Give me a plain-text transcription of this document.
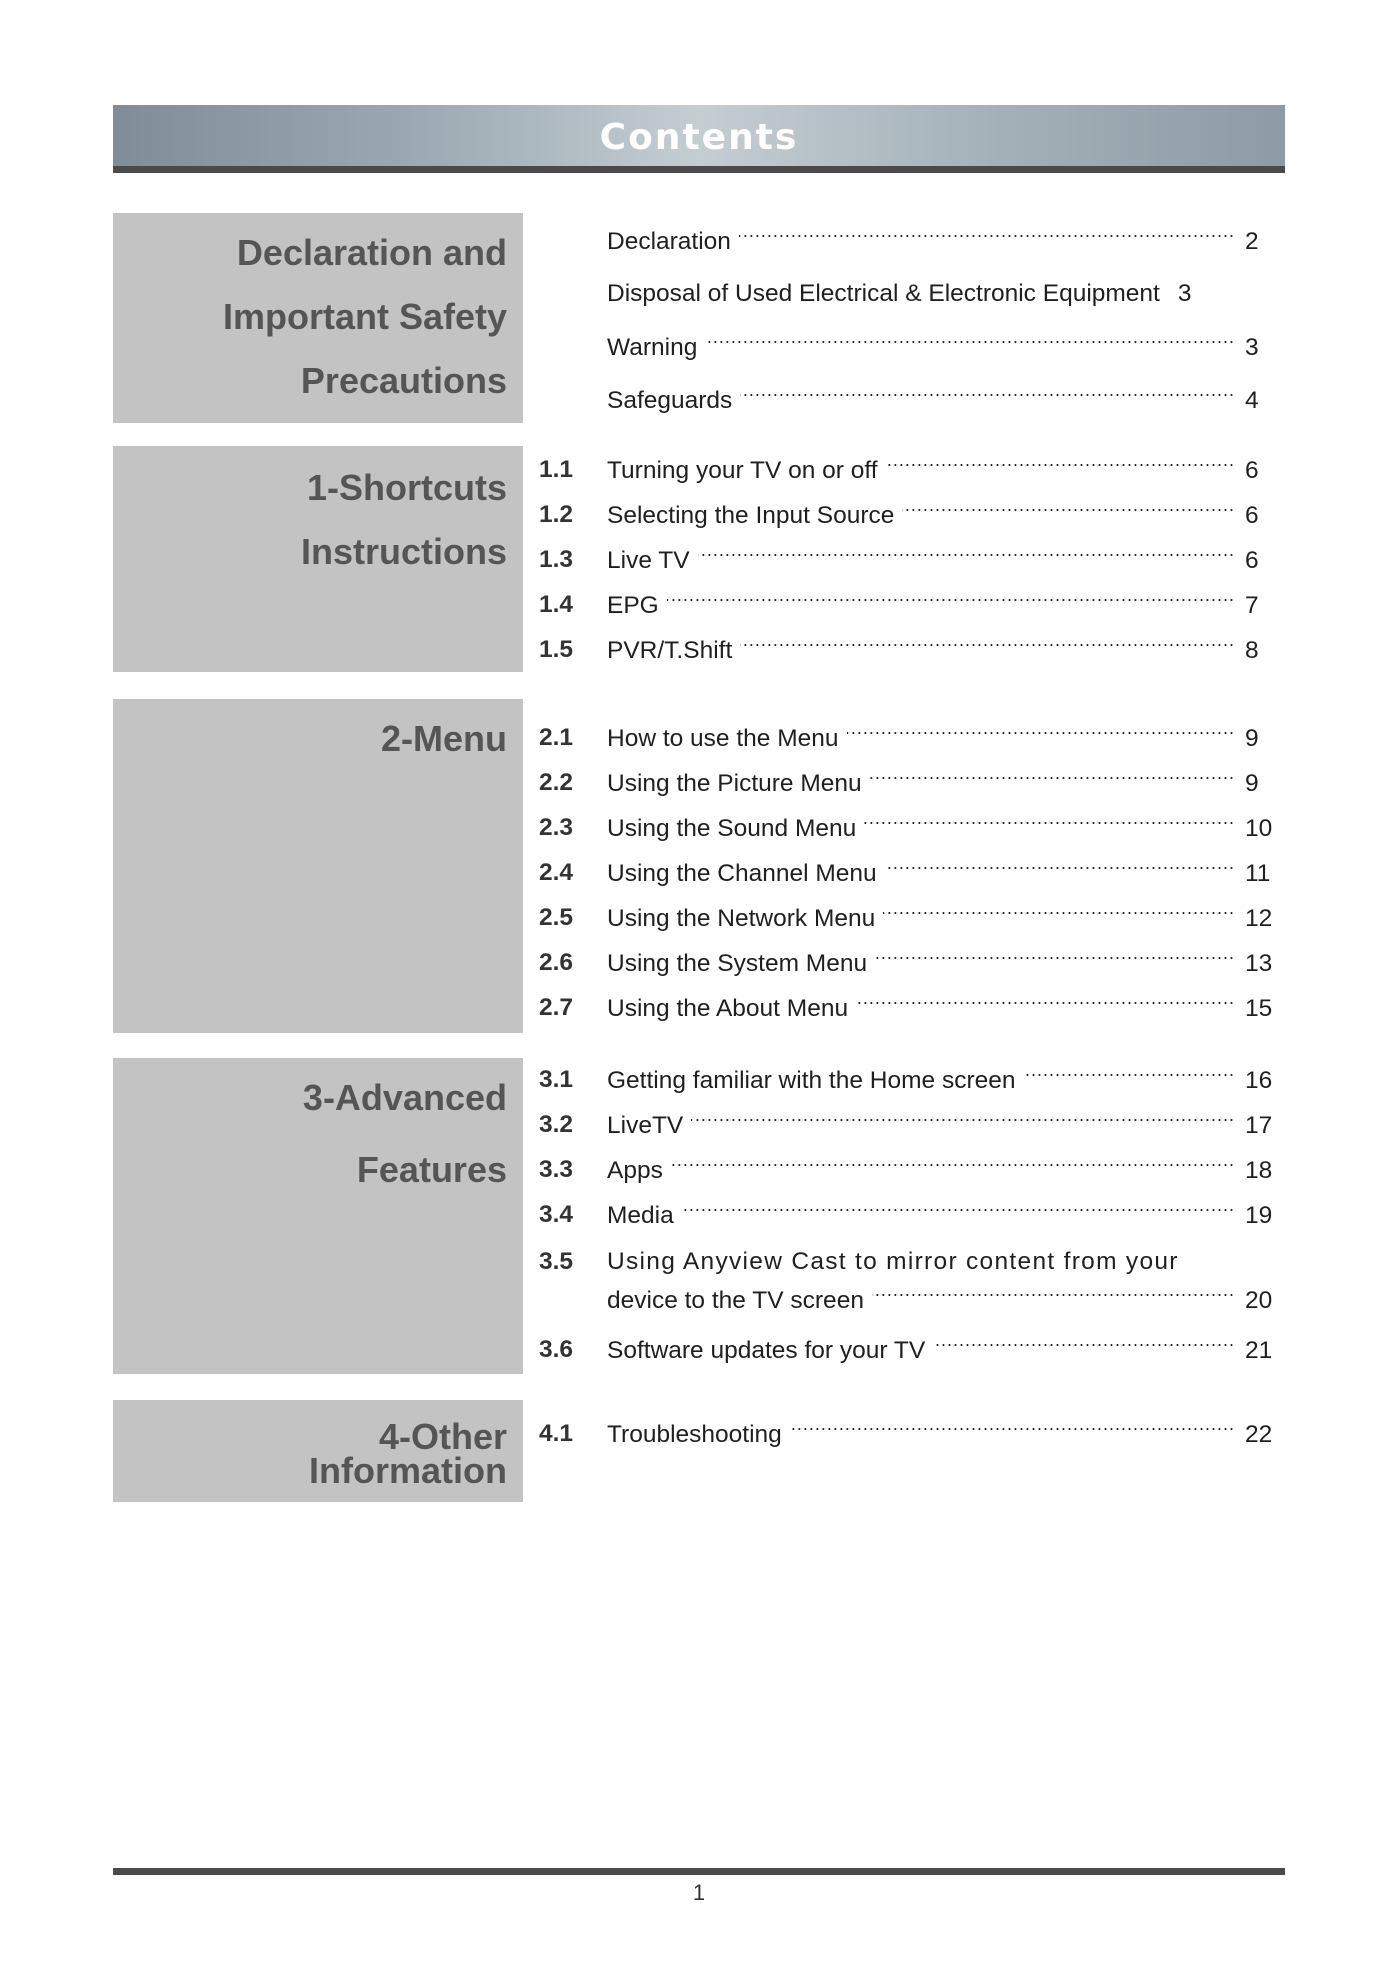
Contents
Declaration and
Important Safety
Precautions
Declaration .....	2
Disposal of Used Electrical & Electronic Equipment 3
Warning .....	3
Safeguards .....	4
1-Shortcuts
Instructions
1.1 Turning your TV on or off .....	6
1.2 Selecting the Input Source .....	6
1.3 Live TV .....	6
1.4 EPG .....	7
1.5 PVR/T.Shift .....	8
2-Menu 2.1 How to use the Menu .....	9
2.2 Using the Picture Menu .....	9
2.3 Using the Sound Menu .....	10
2.4 Using the Channel Menu .....	11
2.5 Using the Network Menu .....	12
2.6 Using the System Menu .....	13
2.7 Using the About Menu .....	15
3-Advanced
Features
3.1 Getting familiar with the Home screen .....	16
3.2 LiveTV .....	17
3.3 Apps .....	18
3.4 Media .....	19
3.5 Using Anyview Cast to mirror content from your
device to the TV screen .....	20
3.6 Software updates for your TV .....	21
4-Other
Information
4.1 Troubleshooting .....	22
1
